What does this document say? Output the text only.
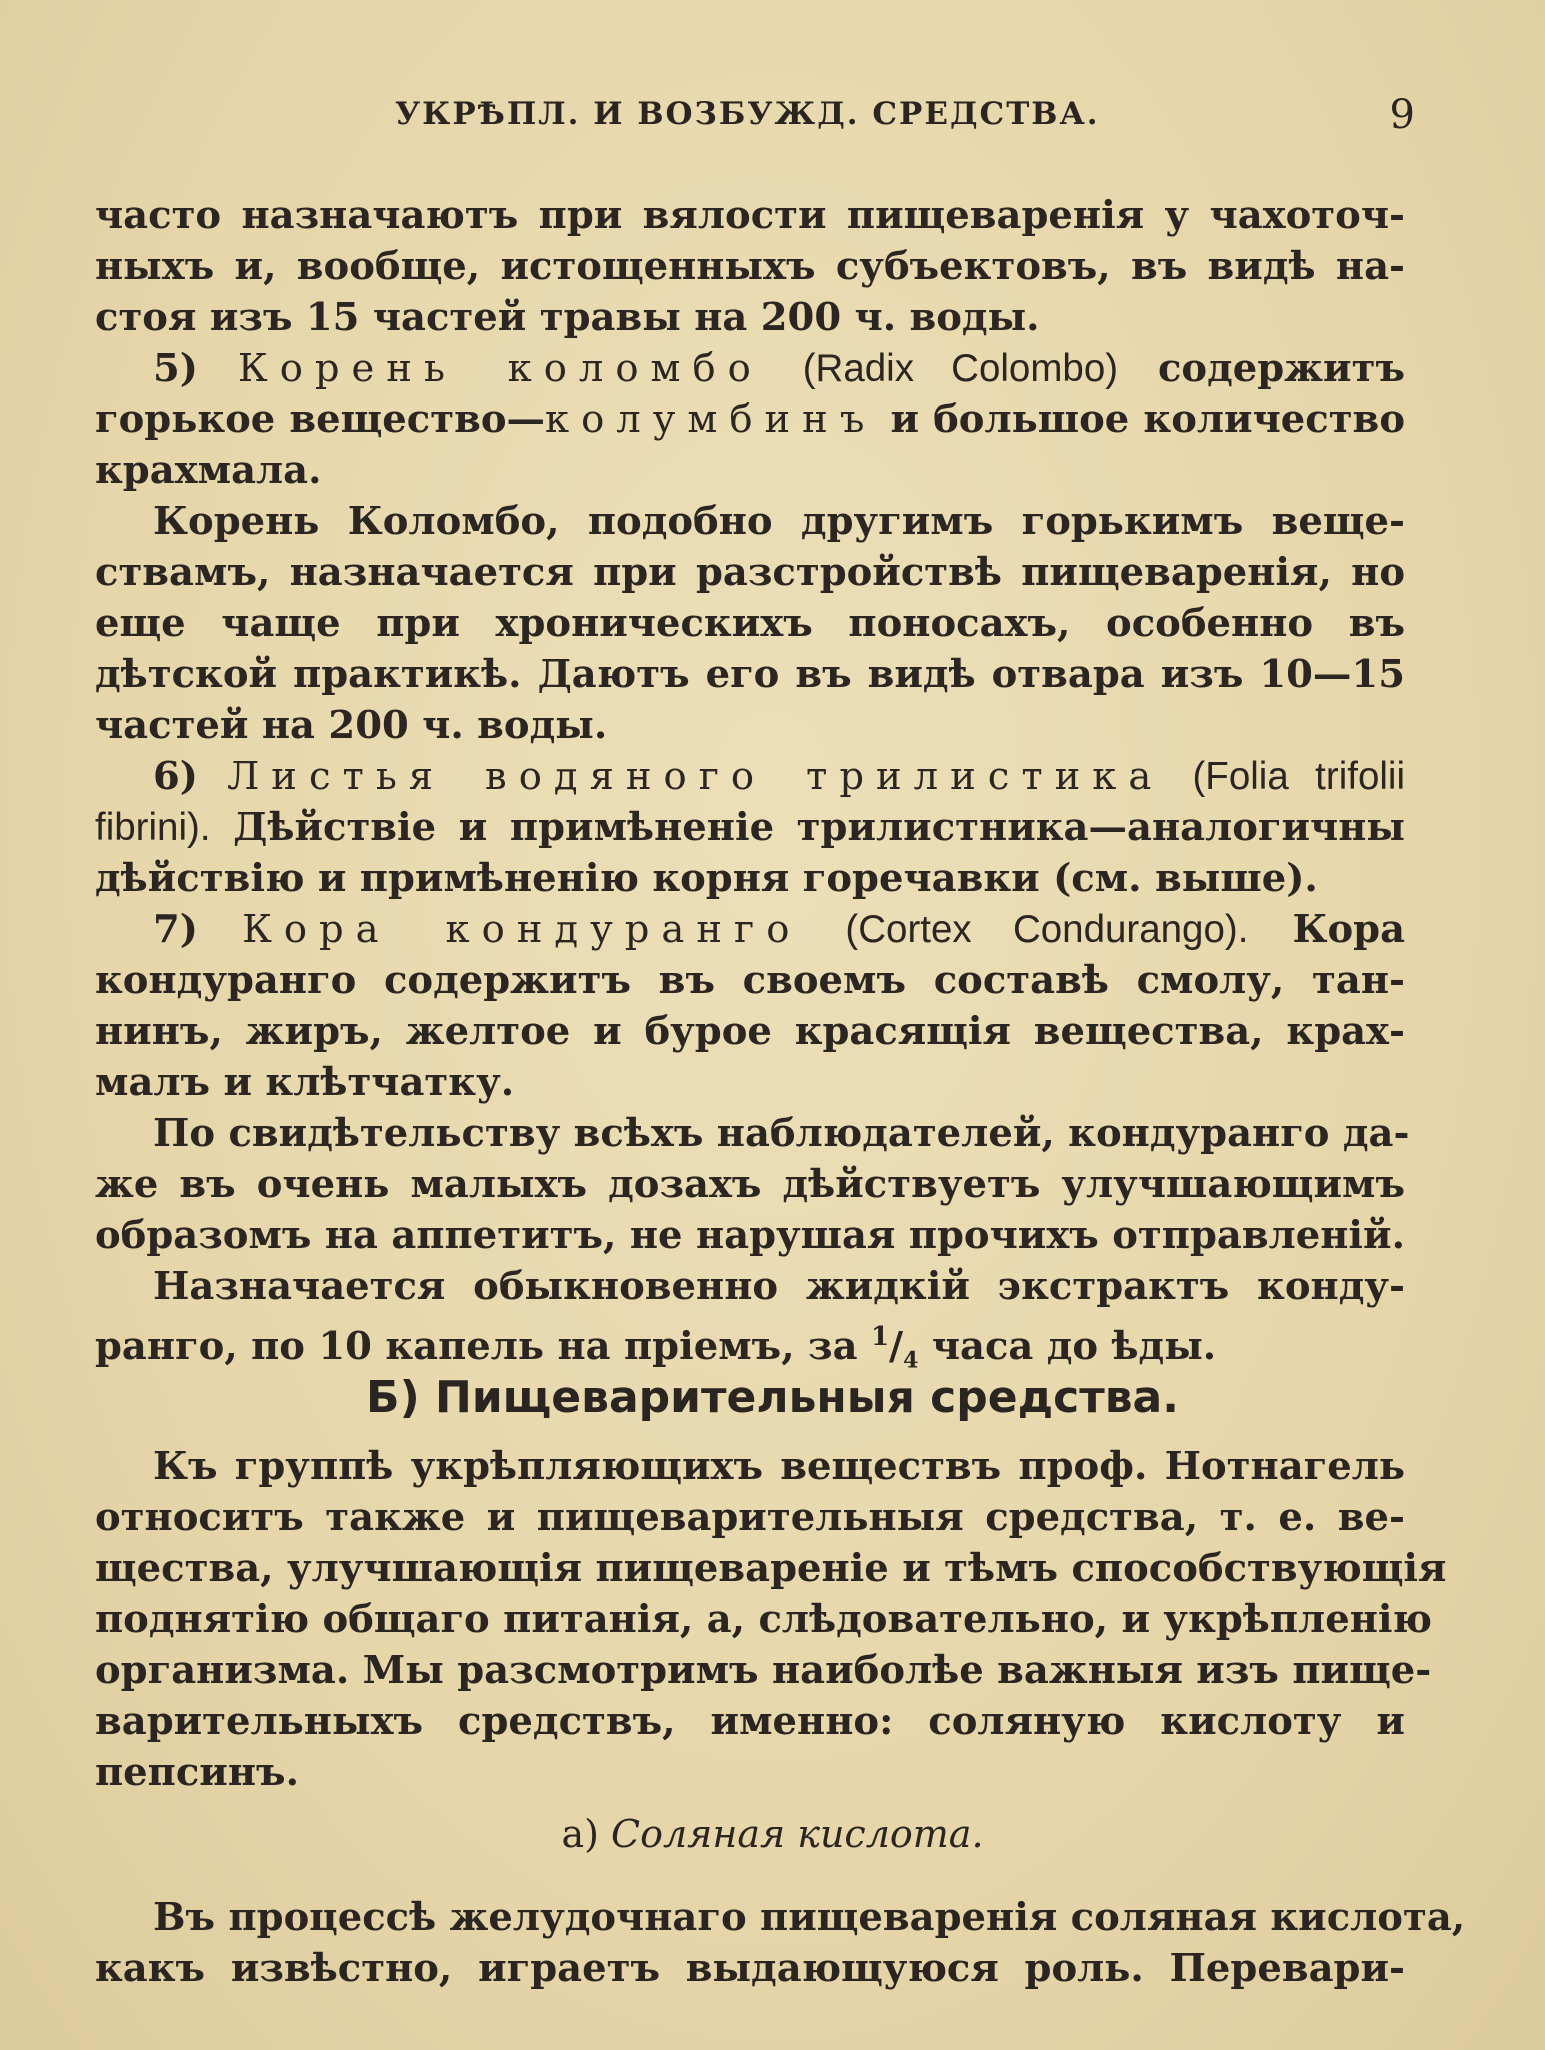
УКРѢПЛ. И ВОЗБУЖД. СРЕДСТВА.	9
часто назначаютъ при вялости пищеваренія у чахоточ-
ныхъ и, вообще, истощенныхъ субъектовъ, въ видѣ на-
стоя изъ 15 частей травы на 200 ч. воды.
5) Корень коломбо (Radix Colombo) содержитъ
горькое вещество—колумбинъ и большое количество
крахмала.
Корень Коломбо, подобно другимъ горькимъ веще-
ствамъ, назначается при разстройствѣ пищеваренія, но
еще чаще при хроническихъ поносахъ, особенно въ
дѣтской практикѣ. Даютъ его въ видѣ отвара изъ 10—15
частей на 200 ч. воды.
6) Листья водяного трилистика (Folia trifolii
fibrini). Дѣйствіе и примѣненіе трилистника—аналогичны
дѣйствію и примѣненію корня горечавки (см. выше).
7) Кора кондуранго (Cortex Condurango). Кора
кондуранго содержитъ въ своемъ составѣ смолу, тан-
нинъ, жиръ, желтое и бурое красящія вещества, крах-
малъ и клѣтчатку.
По свидѣтельству всѣхъ наблюдателей, кондуранго да-
же въ очень малыхъ дозахъ дѣйствуетъ улучшающимъ
образомъ на аппетитъ, не нарушая прочихъ отправленій.
Назначается обыкновенно жидкій экстрактъ конду-
ранго, по 10 капель на пріемъ, за $^1/_4$ часа до ѣды.
Б) Пищеварительныя средства.
Къ группѣ укрѣпляющихъ веществъ проф. Нотнагель
относитъ также и пищеварительныя средства, т. е. ве-
щества, улучшающія пищевареніе и тѣмъ способствующія
поднятію общаго питанія, а, слѣдовательно, и укрѣпленію
организма. Мы разсмотримъ наиболѣе важныя изъ пище-
варительныхъ средствъ, именно: соляную кислоту и
пепсинъ.
а) Соляная кислота.
Въ процессѣ желудочнаго пищеваренія соляная кислота,
какъ извѣстно, играетъ выдающуюся роль. Перевари-
